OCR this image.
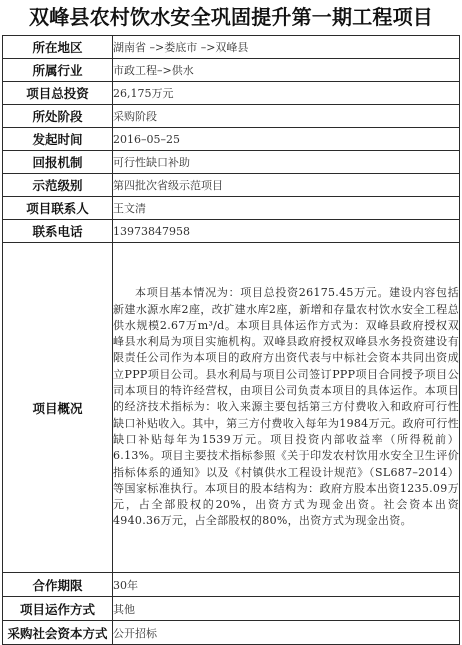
双峰县农村饮水安全巩固提升第一期工程项目
所在地区	湖南省 –>娄底市 –>双峰县
所属行业	市政工程–>供水
项目总投资	26,175万元
所处阶段	采购阶段
发起时间	2016–05–25
回报机制	可行性缺口补助
示范级别	第四批次省级示范项目
项目联系人	王文清
联系电话	13973847958
项目概况	本项目基本情况为：项目总投资26175.45万元。建设内容包括新建水源水库2座，改扩建水库2座，新增和存量农村饮水安全工程总供水规模2.67万m³/d。本项目具体运作方式为：双峰县政府授权双峰县水利局为项目实施机构。双峰县政府授权双峰县水务投资建设有限责任公司作为本项目的政府方出资代表与中标社会资本共同出资成立PPP项目公司。县水利局与项目公司签订PPP项目合同授予项目公司本项目的特许经营权，由项目公司负责本项目的具体运作。本项目的经济技术指标为：收入来源主要包括第三方付费收入和政府可行性缺口补贴收入。其中，第三方付费收入每年为1984万元。政府可行性缺口补贴每年为1539万元。项目投资内部收益率（所得税前）6.13%。项目主要技术指标参照《关于印发农村饮用水安全卫生评价指标体系的通知》以及《村镇供水工程设计规范》（SL687–2014）等国家标准执行。本项目的股本结构为：政府方股本出资1235.09万元，占全部股权的20%，出资方式为现金出资。社会资本出资4940.36万元，占全部股权的80%，出资方式为现金出资。
合作期限	30年
项目运作方式	其他
采购社会资本方式	公开招标
